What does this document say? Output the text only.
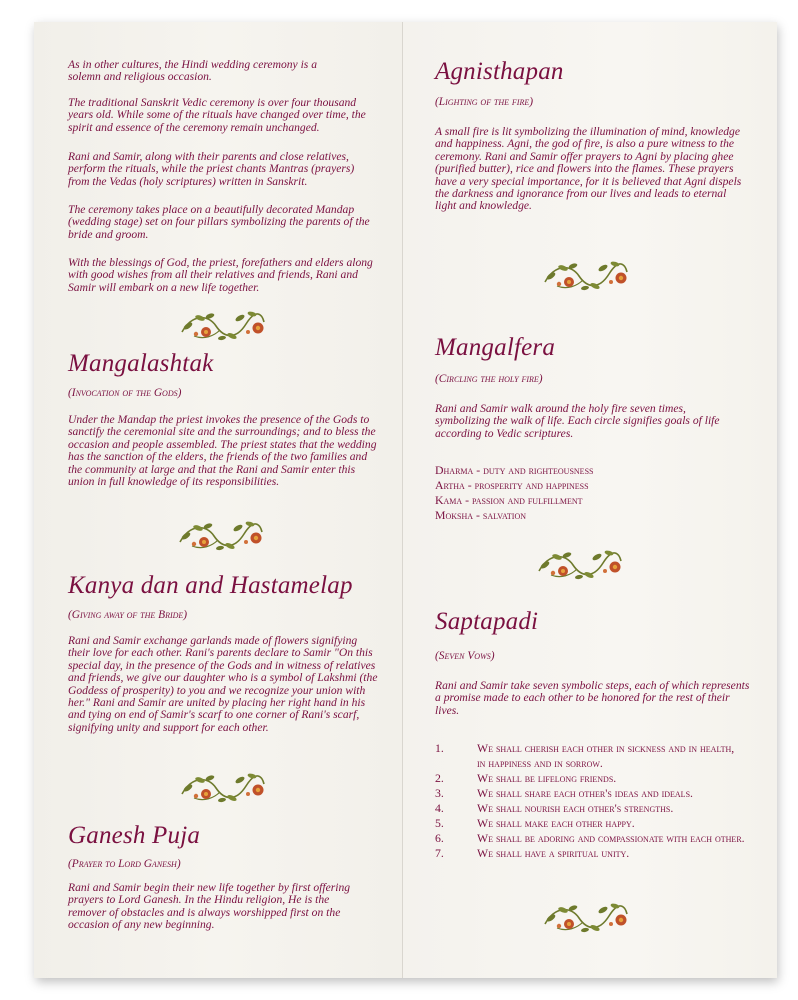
As in other cultures, the Hindi wedding ceremony is a solemn and religious occasion.

The traditional Sanskrit Vedic ceremony is over four thousand years old. While some of the rituals have changed over time, the spirit and essence of the ceremony remain unchanged.

Rani and Samir, along with their parents and close relatives, perform the rituals, while the priest chants Mantras (prayers) from the Vedas (holy scriptures) written in Sanskrit.

The ceremony takes place on a beautifully decorated Mandap (wedding stage) set on four pillars symbolizing the parents of the bride and groom.

With the blessings of God, the priest, forefathers and elders along with good wishes from all their relatives and friends, Rani and Samir will embark on a new life together.

Mangalashtak
(Invocation of the Gods)

Under the Mandap the priest invokes the presence of the Gods to sanctify the ceremonial site and the surroundings; and to bless the occasion and people assembled. The priest states that the wedding has the sanction of the elders, the friends of the two families and the community at large and that the Rani and Samir enter this union in full knowledge of its responsibilities.

Kanya dan and Hastamelap
(Giving away of the Bride)

Rani and Samir exchange garlands made of flowers signifying their love for each other. Rani's parents declare to Samir "On this special day, in the presence of the Gods and in witness of relatives and friends, we give our daughter who is a symbol of Lakshmi (the Goddess of prosperity) to you and we recognize your union with her." Rani and Samir are united by placing her right hand in his and tying on end of Samir's scarf to one corner of Rani's scarf, signifying unity and support for each other.

Ganesh Puja
(Prayer to Lord Ganesh)

Rani and Samir begin their new life together by first offering prayers to Lord Ganesh. In the Hindu religion, He is the remover of obstacles and is always worshipped first on the occasion of any new beginning.

Agnisthapan
(Lighting of the fire)

A small fire is lit symbolizing the illumination of mind, knowledge and happiness. Agni, the god of fire, is also a pure witness to the ceremony. Rani and Samir offer prayers to Agni by placing ghee (purified butter), rice and flowers into the flames. These prayers have a very special importance, for it is believed that Agni dispels the darkness and ignorance from our lives and leads to eternal light and knowledge.

Mangalfera
(Circling the holy fire)

Rani and Samir walk around the holy fire seven times, symbolizing the walk of life. Each circle signifies goals of life according to Vedic scriptures.

Dharma - duty and righteousness
Artha - prosperity and happiness
Kama - passion and fulfillment
Moksha - salvation
Saptapadi
(Seven Vows)

Rani and Samir take seven symbolic steps, each of which represents a promise made to each other to be honored for the rest of their lives.

1.	We shall cherish each other in sickness and in health, in happiness and in sorrow.
2.	We shall be lifelong friends.
3.	We shall share each other's ideas and ideals.
4.	We shall nourish each other's strengths.
5.	We shall make each other happy.
6.	We shall be adoring and compassionate with each other.
7.	We shall have a spiritual unity.
